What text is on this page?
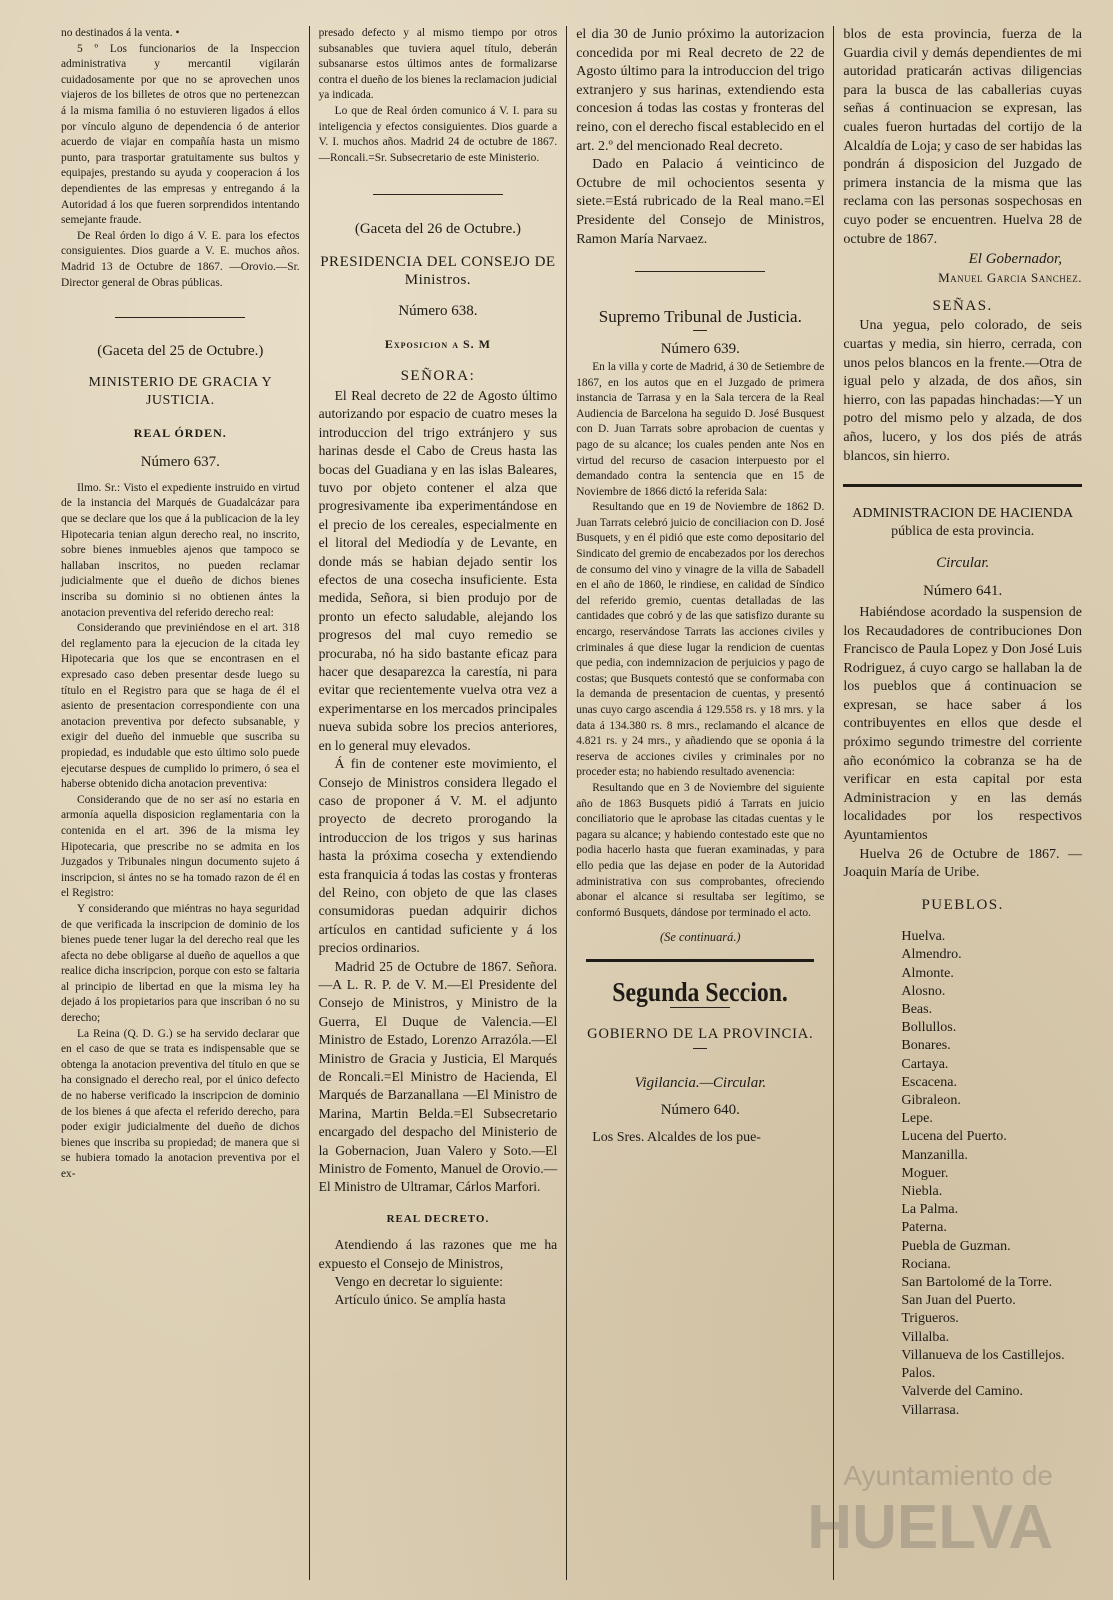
no destinados á la venta. •

5 º Los funcionarios de la Inspeccion administrativa y mercantil vigilarán cuidadosamente por que no se aprovechen unos viajeros de los billetes de otros que no pertenezcan á la misma familia ó no estuvieren ligados á ellos por vínculo alguno de dependencia ó de anterior acuerdo de viajar en compañía hasta un mismo punto, para trasportar gratuitamente sus bultos y equipajes, prestando su ayuda y cooperacion á los dependientes de las empresas y entregando á la Autoridad á los que fueren sorprendidos intentando semejante fraude.

De Real órden lo digo á V. E. para los efectos consiguientes. Dios guarde a V. E. muchos años. Madrid 13 de Octubre de 1867. —Orovio.—Sr. Director general de Obras públicas.

(Gaceta del 25 de Octubre.)
MINISTERIO DE GRACIA Y JUSTICIA.
REAL ÓRDEN.
Número 637.

Ilmo. Sr.: Visto el expediente instruido en virtud de la instancia del Marqués de Guadalcázar para que se declare que los que á la publicacion de la ley Hipotecaria tenian algun derecho real, no inscrito, sobre bienes inmuebles ajenos que tampoco se hallaban inscritos, no pueden reclamar judicialmente que el dueño de dichos bienes inscriba su dominio si no obtienen ántes la anotacion preventiva del referido derecho real:

Considerando que previniéndose en el art. 318 del reglamento para la ejecucion de la citada ley Hipotecaria que los que se encontrasen en el expresado caso deben presentar desde luego su título en el Registro para que se haga de él el asiento de presentacion correspondiente con una anotacion preventiva por defecto subsanable, y exigir del dueño del inmueble que suscriba su propiedad, es indudable que esto último solo puede ejecutarse despues de cumplido lo primero, ó sea el haberse obtenido dicha anotacion preventiva:

Considerando que de no ser así no estaria en armonía aquella disposicion reglamentaria con la contenida en el art. 396 de la misma ley Hipotecaria, que prescribe no se admita en los Juzgados y Tribunales ningun documento sujeto á inscripcion, si ántes no se ha tomado razon de él en el Registro:

Y considerando que miéntras no haya seguridad de que verificada la inscripcion de dominio de los bienes puede tener lugar la del derecho real que les afecta no debe obligarse al dueño de aquellos a que realice dicha inscripcion, porque con esto se faltaria al principio de libertad en que la misma ley ha dejado á los propietarios para que inscriban ó no su derecho;

La Reina (Q. D. G.) se ha servido declarar que en el caso de que se trata es indispensable que se obtenga la anotacion preventiva del título en que se ha consignado el derecho real, por el único defecto de no haberse verificado la inscripcion de dominio de los bienes á que afecta el referido derecho, para poder exigir judicialmente del dueño de dichos bienes que inscriba su propiedad; de manera que si se hubiera tomado la anotacion preventiva por el ex-

presado defecto y al mismo tiempo por otros subsanables que tuviera aquel título, deberán subsanarse estos últimos antes de formalizarse contra el dueño de los bienes la reclamacion judicial ya indicada.

Lo que de Real órden comunico á V. I. para su inteligencia y efectos consiguientes. Dios guarde a V. I. muchos años. Madrid 24 de octubre de 1867. —Roncali.=Sr. Subsecretario de este Ministerio.

(Gaceta del 26 de Octubre.)
PRESIDENCIA DEL CONSEJO DE Ministros.
Número 638.
Exposicion a S. M
SEÑORA:

El Real decreto de 22 de Agosto último autorizando por espacio de cuatro meses la introduccion del trigo extránjero y sus harinas desde el Cabo de Creus hasta las bocas del Guadiana y en las islas Baleares, tuvo por objeto contener el alza que progresivamente iba experimentándose en el precio de los cereales, especialmente en el litoral del Mediodía y de Levante, en donde más se habian dejado sentir los efectos de una cosecha insuficiente. Esta medida, Señora, si bien produjo por de pronto un efecto saludable, alejando los progresos del mal cuyo remedio se procuraba, nó ha sido bastante eficaz para hacer que desaparezca la carestía, ni para evitar que recientemente vuelva otra vez a experimentarse en los mercados principales nueva subida sobre los precios anteriores, en lo general muy elevados.

Á fin de contener este movimiento, el Consejo de Ministros considera llegado el caso de proponer á V. M. el adjunto proyecto de decreto prorogando la introduccion de los trigos y sus harinas hasta la próxima cosecha y extendiendo esta franquicia á todas las costas y fronteras del Reino, con objeto de que las clases consumidoras puedan adquirir dichos artículos en cantidad suficiente y á los precios ordinarios.

Madrid 25 de Octubre de 1867. Señora.—A L. R. P. de V. M.—El Presidente del Consejo de Ministros, y Ministro de la Guerra, El Duque de Valencia.—El Ministro de Estado, Lorenzo Arrazóla.—El Ministro de Gracia y Justicia, El Marqués de Roncali.=El Ministro de Hacienda, El Marqués de Barzanallana —El Ministro de Marina, Martin Belda.=El Subsecretario encargado del despacho del Ministerio de la Gobernacion, Juan Valero y Soto.—El Ministro de Fomento, Manuel de Orovio.—El Ministro de Ultramar, Cárlos Marfori.

REAL DECRETO.

Atendiendo á las razones que me ha expuesto el Consejo de Ministros,

Vengo en decretar lo siguiente:

Artículo único. Se amplía hasta

el dia 30 de Junio próximo la autorizacion concedida por mi Real decreto de 22 de Agosto último para la introduccion del trigo extranjero y sus harinas, extendiendo esta concesion á todas las costas y fronteras del reino, con el derecho fiscal establecido en el art. 2.º del mencionado Real decreto.

Dado en Palacio á veinticinco de Octubre de mil ochocientos sesenta y siete.=Está rubricado de la Real mano.=El Presidente del Consejo de Ministros, Ramon María Narvaez.

Supremo Tribunal de Justicia.
Número 639.

En la villa y corte de Madrid, á 30 de Setiembre de 1867, en los autos que en el Juzgado de primera instancia de Tarrasa y en la Sala tercera de la Real Audiencia de Barcelona ha seguido D. José Busquest con D. Juan Tarrats sobre aprobacion de cuentas y pago de su alcance; los cuales penden ante Nos en virtud del recurso de casacion interpuesto por el demandado contra la sentencia que en 15 de Noviembre de 1866 dictó la referida Sala:

Resultando que en 19 de Noviembre de 1862 D. Juan Tarrats celebró juicio de conciliacion con D. José Busquets, y en él pidió que este como depositario del Sindicato del gremio de encabezados por los derechos de consumo del vino y vinagre de la villa de Sabadell en el año de 1860, le rindiese, en calidad de Síndico del referido gremio, cuentas detalladas de las cantidades que cobró y de las que satisfizo durante su encargo, reservándose Tarrats las acciones civiles y criminales á que diese lugar la rendicion de cuentas que pedia, con indemnizacion de perjuicios y pago de costas; que Busquets contestó que se conformaba con la demanda de presentacion de cuentas, y presentó unas cuyo cargo ascendia á 129.558 rs. y 18 mrs. y la data á 134.380 rs. 8 mrs., reclamando el alcance de 4.821 rs. y 24 mrs., y añadiendo que se oponia á la reserva de acciones civiles y criminales por no proceder esta; no habiendo resultado avenencia:

Resultando que en 3 de Noviembre del siguiente año de 1863 Busquets pidió á Tarrats en juicio conciliatorio que le aprobase las citadas cuentas y le pagara su alcance; y habiendo contestado este que no podia hacerlo hasta que fueran examinadas, y para ello pedia que las dejase en poder de la Autoridad administrativa con sus comprobantes, ofreciendo abonar el alcance si resultaba ser legítimo, se conformó Busquets, dándose por terminado el acto.

(Se continuará.)
Segunda Seccion.
GOBIERNO DE LA PROVINCIA.
Vigilancia.—Circular.
Número 640.

Los Sres. Alcaldes de los pue-

blos de esta provincia, fuerza de la Guardia civil y demás dependientes de mi autoridad praticarán activas diligencias para la busca de las caballerias cuyas señas á continuacion se expresan, las cuales fueron hurtadas del cortijo de la Alcaldía de Loja; y caso de ser habidas las pondrán á disposicion del Juzgado de primera instancia de la misma que las reclama con las personas sospechosas en cuyo poder se encuentren. Huelva 28 de octubre de 1867.

El Gobernador,
Manuel Garcia Sanchez.
SEÑAS.

Una yegua, pelo colorado, de seis cuartas y media, sin hierro, cerrada, con unos pelos blancos en la frente.—Otra de igual pelo y alzada, de dos años, sin hierro, con las papadas hinchadas:—Y un potro del mismo pelo y alzada, de dos años, lucero, y los dos piés de atrás blancos, sin hierro.

ADMINISTRACION DE HACIENDA pública de esta provincia.
Circular.
Número 641.

Habiéndose acordado la suspension de los Recaudadores de contribuciones Don Francisco de Paula Lopez y Don José Luis Rodriguez, á cuyo cargo se hallaban la de los pueblos que á continuacion se expresan, se hace saber á los contribuyentes en ellos que desde el próximo segundo trimestre del corriente año económico la cobranza se ha de verificar en esta capital por esta Administracion y en las demás localidades por los respectivos Ayuntamientos

Huelva 26 de Octubre de 1867. —Joaquin María de Uribe.

PUEBLOS.
Huelva.
Almendro.
Almonte.
Alosno.
Beas.
Bollullos.
Bonares.
Cartaya.
Escacena.
Gibraleon.
Lepe.
Lucena del Puerto.
Manzanilla.
Moguer.
Niebla.
La Palma.
Paterna.
Puebla de Guzman.
Rociana.
San Bartolomé de la Torre.
San Juan del Puerto.
Trigueros.
Villalba.
Villanueva de los Castillejos.
Palos.
Valverde del Camino.
Villarrasa.
Ayuntamiento de
HUELVA
